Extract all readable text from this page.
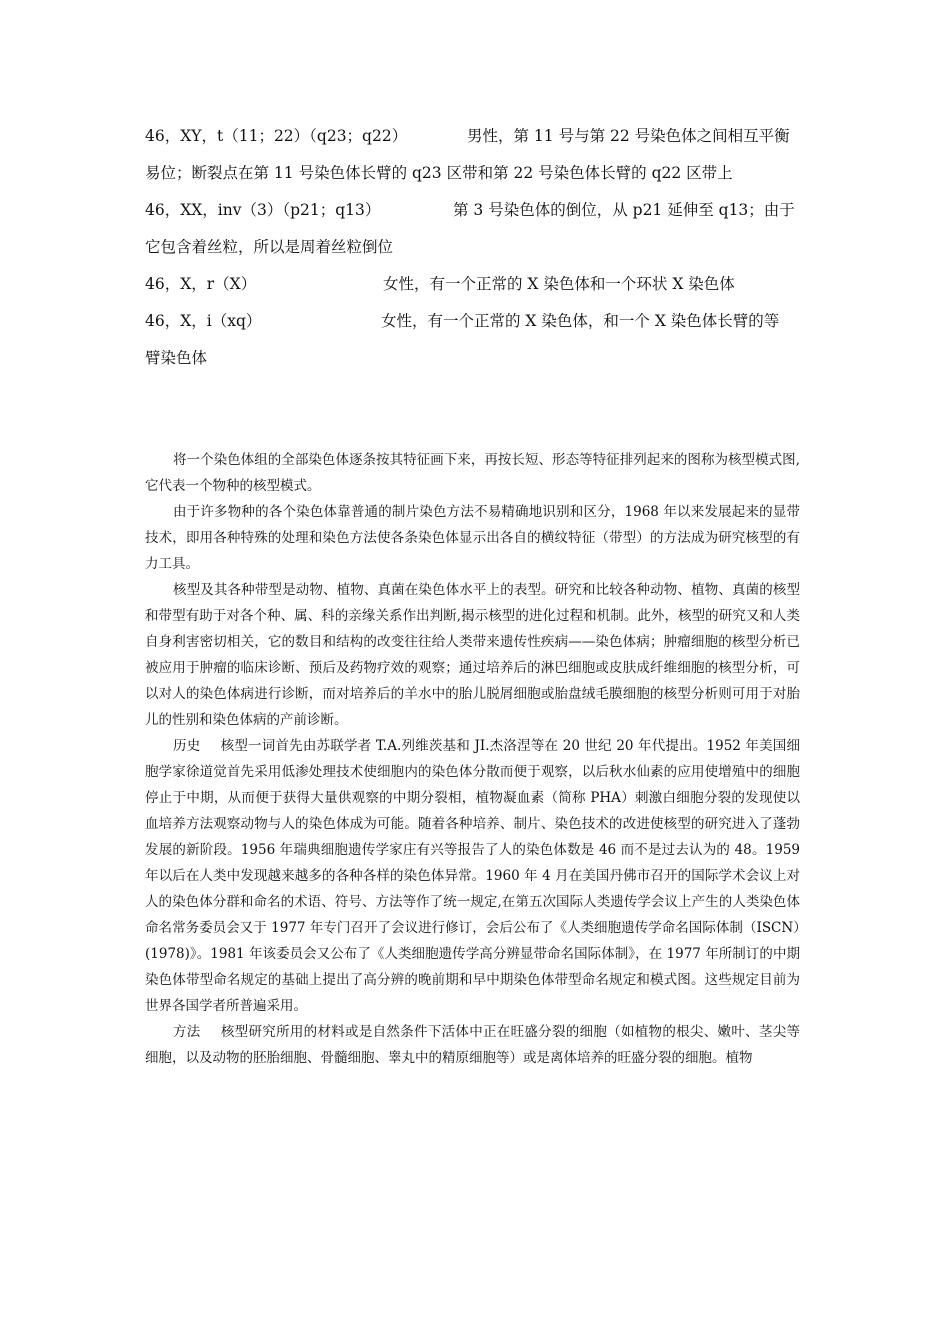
46，XY，t（11；22）（q23；q22）	男性，第 11 号与第 22 号染色体之间相互平衡
易位；断裂点在第 11 号染色体长臂的 q23 区带和第 22 号染色体长臂的 q22 区带上
46，XX，inv（3）（p21；q13）	第 3 号染色体的倒位，从 p21 延伸至 q13；由于
它包含着丝粒，所以是周着丝粒倒位
46，X，r（X）	女性，有一个正常的 X 染色体和一个环状 X 染色体
46，X，i（xq）	女性，有一个正常的 X 染色体，和一个 X 染色体长臂的等
臂染色体

将一个染色体组的全部染色体逐条按其特征画下来，再按长短、形态等特征排列起来的图称为核型模式图,它代表一个物种的核型模式。

由于许多物种的各个染色体靠普通的制片染色方法不易精确地识别和区分，1968 年以来发展起来的显带技术，即用各种特殊的处理和染色方法使各条染色体显示出各自的横纹特征（带型）的方法成为研究核型的有力工具。

核型及其各种带型是动物、植物、真菌在染色体水平上的表型。研究和比较各种动物、植物、真菌的核型和带型有助于对各个种、属、科的亲缘关系作出判断,揭示核型的进化过程和机制。此外，核型的研究又和人类自身利害密切相关，它的数目和结构的改变往往给人类带来遗传性疾病——染色体病；肿瘤细胞的核型分析已被应用于肿瘤的临床诊断、预后及药物疗效的观察；通过培养后的淋巴细胞或皮肤成纤维细胞的核型分析，可以对人的染色体病进行诊断，而对培养后的羊水中的胎儿脱屑细胞或胎盘绒毛膜细胞的核型分析则可用于对胎儿的性别和染色体病的产前诊断。

历史 核型一词首先由苏联学者 T.A.列维茨基和 JI.杰洛涅等在 20 世纪 20 年代提出。1952 年美国细胞学家徐道觉首先采用低渗处理技术使细胞内的染色体分散而便于观察，以后秋水仙素的应用使增殖中的细胞停止于中期，从而便于获得大量供观察的中期分裂相，植物凝血素（简称 PHA）刺激白细胞分裂的发现使以血培养方法观察动物与人的染色体成为可能。随着各种培养、制片、染色技术的改进使核型的研究进入了蓬勃发展的新阶段。1956 年瑞典细胞遗传学家庄有兴等报告了人的染色体数是 46 而不是过去认为的 48。1959 年以后在人类中发现越来越多的各种各样的染色体异常。1960 年 4 月在美国丹佛市召开的国际学术会议上对人的染色体分群和命名的术语、符号、方法等作了统一规定,在第五次国际人类遗传学会议上产生的人类染色体命名常务委员会又于 1977 年专门召开了会议进行修订，会后公布了《人类细胞遗传学命名国际体制（ISCN）(1978)》。1981 年该委员会又公布了《人类细胞遗传学高分辨显带命名国际体制》，在 1977 年所制订的中期染色体带型命名规定的基础上提出了高分辨的晚前期和早中期染色体带型命名规定和模式图。这些规定目前为世界各国学者所普遍采用。

方法 核型研究所用的材料或是自然条件下活体中正在旺盛分裂的细胞（如植物的根尖、嫩叶、茎尖等细胞，以及动物的胚胎细胞、骨髓细胞、睾丸中的精原细胞等）或是离体培养的旺盛分裂的细胞。植物
